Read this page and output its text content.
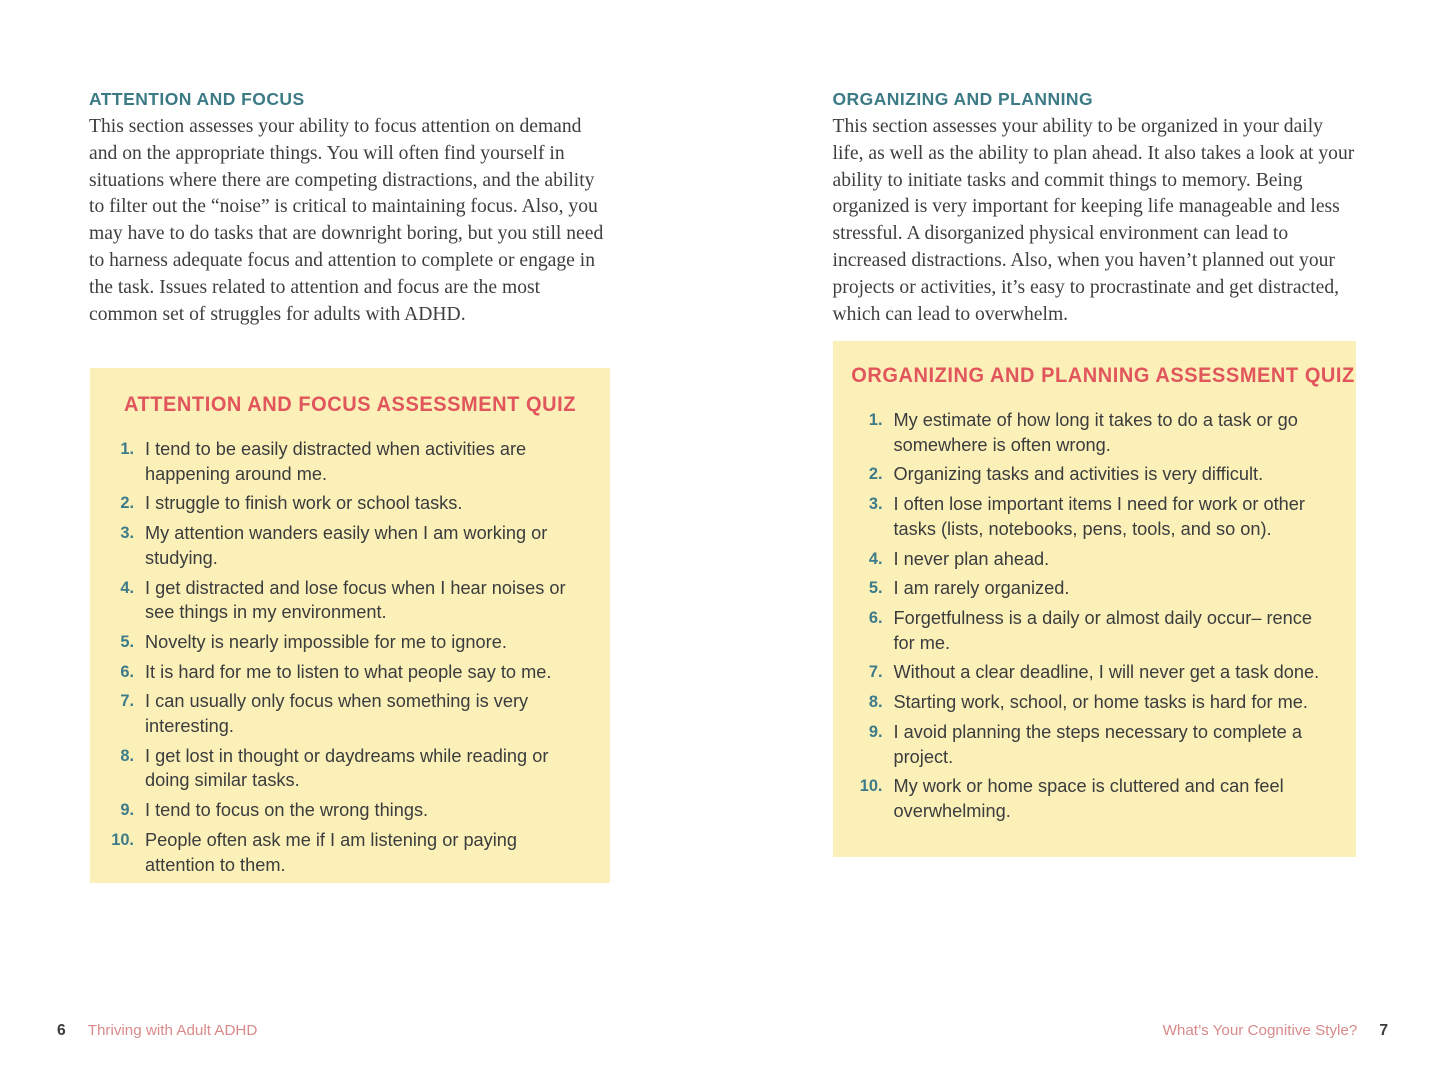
ATTENTION AND FOCUS
This section assesses your ability to focus attention on demand and on the appropriate things. You will often find yourself in situations where there are competing distractions, and the ability to filter out the “noise” is critical to maintaining focus. Also, you may have to do tasks that are downright boring, but you still need to harness adequate focus and attention to complete or engage in the task. Issues related to attention and focus are the most common set of struggles for adults with ADHD.
ATTENTION AND FOCUS ASSESSMENT QUIZ
1. I tend to be easily distracted when activities are happening around me.
2. I struggle to finish work or school tasks.
3. My attention wanders easily when I am working or studying.
4. I get distracted and lose focus when I hear noises or see things in my environment.
5. Novelty is nearly impossible for me to ignore.
6. It is hard for me to listen to what people say to me.
7. I can usually only focus when something is very interesting.
8. I get lost in thought or daydreams while reading or doing similar tasks.
9. I tend to focus on the wrong things.
10. People often ask me if I am listening or paying attention to them.
6 Thriving with Adult ADHD
ORGANIZING AND PLANNING
This section assesses your ability to be organized in your daily life, as well as the ability to plan ahead. It also takes a look at your ability to initiate tasks and commit things to memory. Being organized is very important for keeping life manageable and less stressful. A disorganized physical environment can lead to increased distractions. Also, when you haven’t planned out your projects or activities, it’s easy to procrastinate and get distracted, which can lead to overwhelm.
ORGANIZING AND PLANNING ASSESSMENT QUIZ
1. My estimate of how long it takes to do a task or go somewhere is often wrong.
2. Organizing tasks and activities is very difficult.
3. I often lose important items I need for work or other tasks (lists, notebooks, pens, tools, and so on).
4. I never plan ahead.
5. I am rarely organized.
6. Forgetfulness is a daily or almost daily occur– rence for me.
7. Without a clear deadline, I will never get a task done.
8. Starting work, school, or home tasks is hard for me.
9. I avoid planning the steps necessary to complete a project.
10. My work or home space is cluttered and can feel overwhelming.
What’s Your Cognitive Style? 7
